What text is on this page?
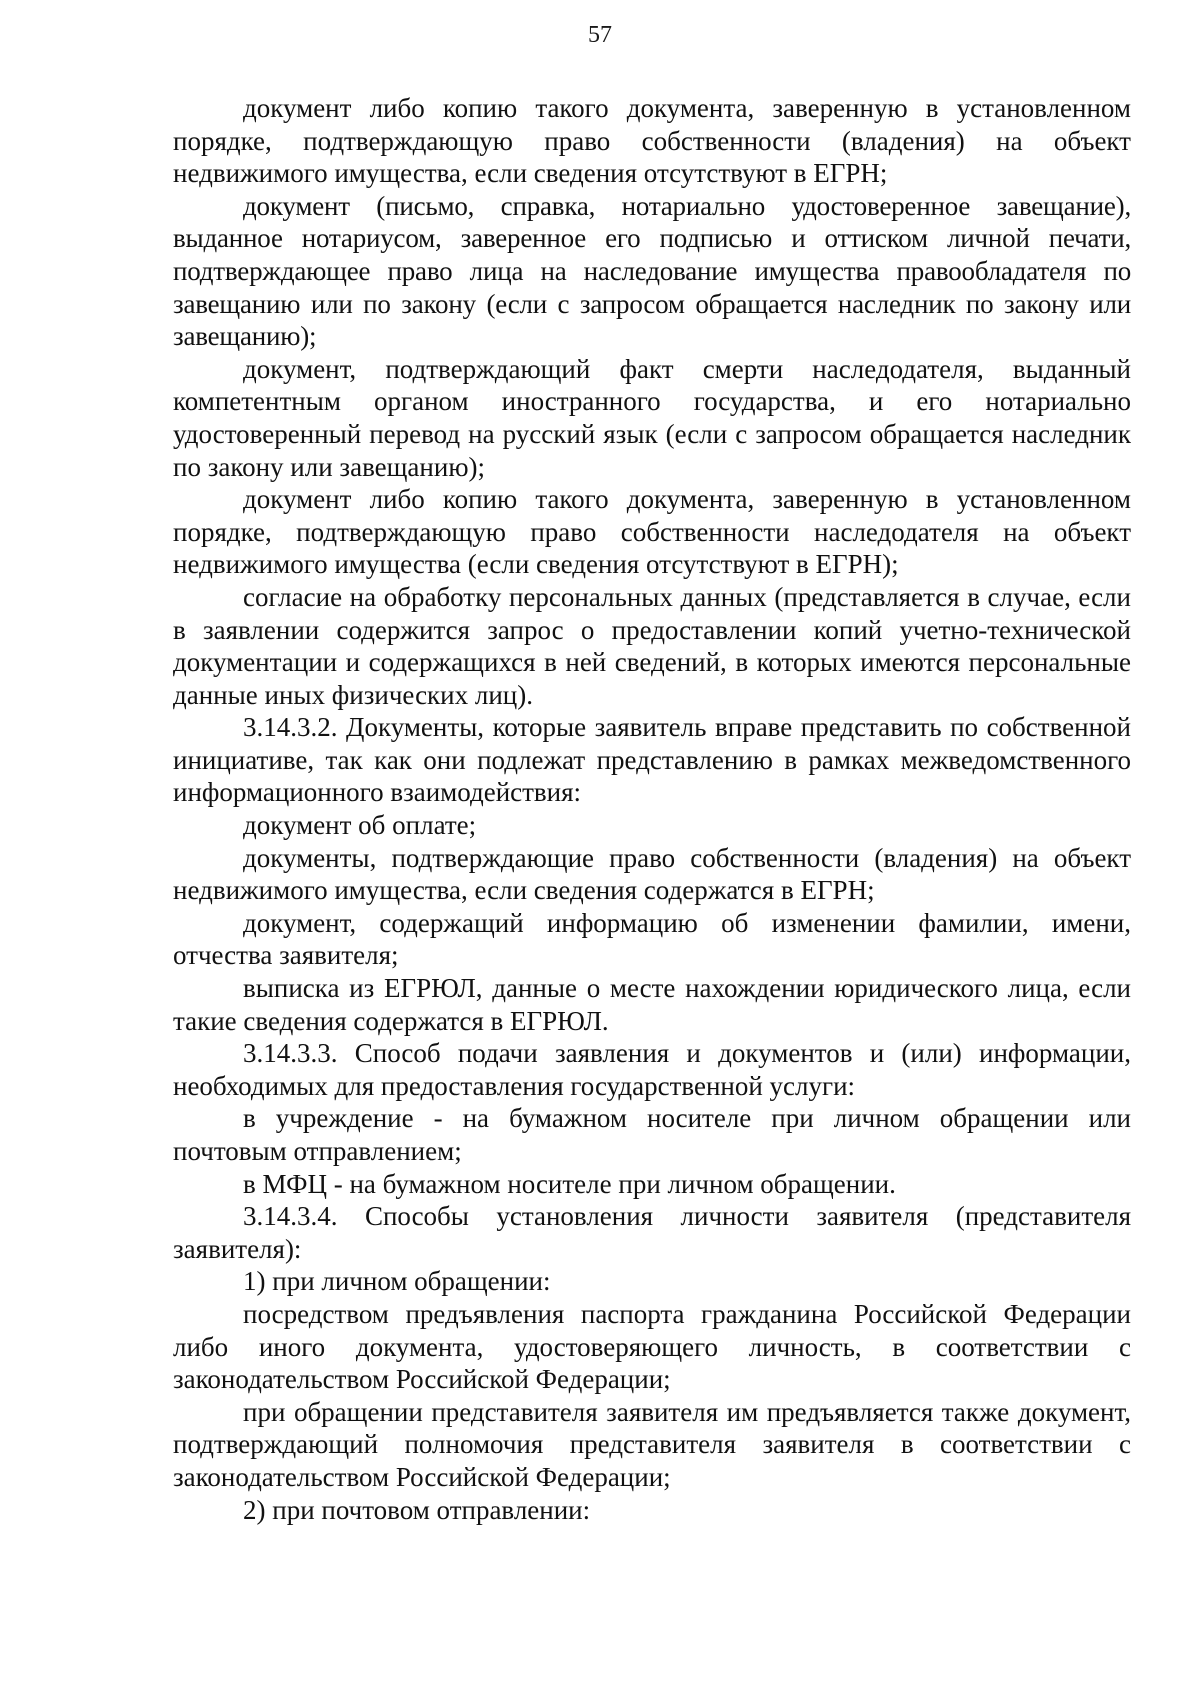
57

документ либо копию такого документа, заверенную в установленном порядке, подтверждающую право собственности (владения) на объект недвижимого имущества, если сведения отсутствуют в ЕГРН;

документ (письмо, справка, нотариально удостоверенное завещание), выданное нотариусом, заверенное его подписью и оттиском личной печати, подтверждающее право лица на наследование имущества правообладателя по завещанию или по закону (если с запросом обращается наследник по закону или завещанию);

документ, подтверждающий факт смерти наследодателя, выданный компетентным органом иностранного государства, и его нотариально удостоверенный перевод на русский язык (если с запросом обращается наследник по закону или завещанию);

документ либо копию такого документа, заверенную в установленном порядке, подтверждающую право собственности наследодателя на объект недвижимого имущества (если сведения отсутствуют в ЕГРН);

согласие на обработку персональных данных (представляется в случае, если в заявлении содержится запрос о предоставлении копий учетно-технической документации и содержащихся в ней сведений, в которых имеются персональные данные иных физических лиц).

3.14.3.2. Документы, которые заявитель вправе представить по собственной инициативе, так как они подлежат представлению в рамках межведомственного информационного взаимодействия:

документ об оплате;

документы, подтверждающие право собственности (владения) на объект недвижимого имущества, если сведения содержатся в ЕГРН;

документ, содержащий информацию об изменении фамилии, имени, отчества заявителя;

выписка из ЕГРЮЛ, данные о месте нахождении юридического лица, если такие сведения содержатся в ЕГРЮЛ.

3.14.3.3. Способ подачи заявления и документов и (или) информации, необходимых для предоставления государственной услуги:

в учреждение - на бумажном носителе при личном обращении или почтовым отправлением;

в МФЦ - на бумажном носителе при личном обращении.

3.14.3.4. Способы установления личности заявителя (представителя заявителя):

1) при личном обращении:

посредством предъявления паспорта гражданина Российской Федерации либо иного документа, удостоверяющего личность, в соответствии с законодательством Российской Федерации;

при обращении представителя заявителя им предъявляется также документ, подтверждающий полномочия представителя заявителя в соответствии с законодательством Российской Федерации;

2) при почтовом отправлении:
